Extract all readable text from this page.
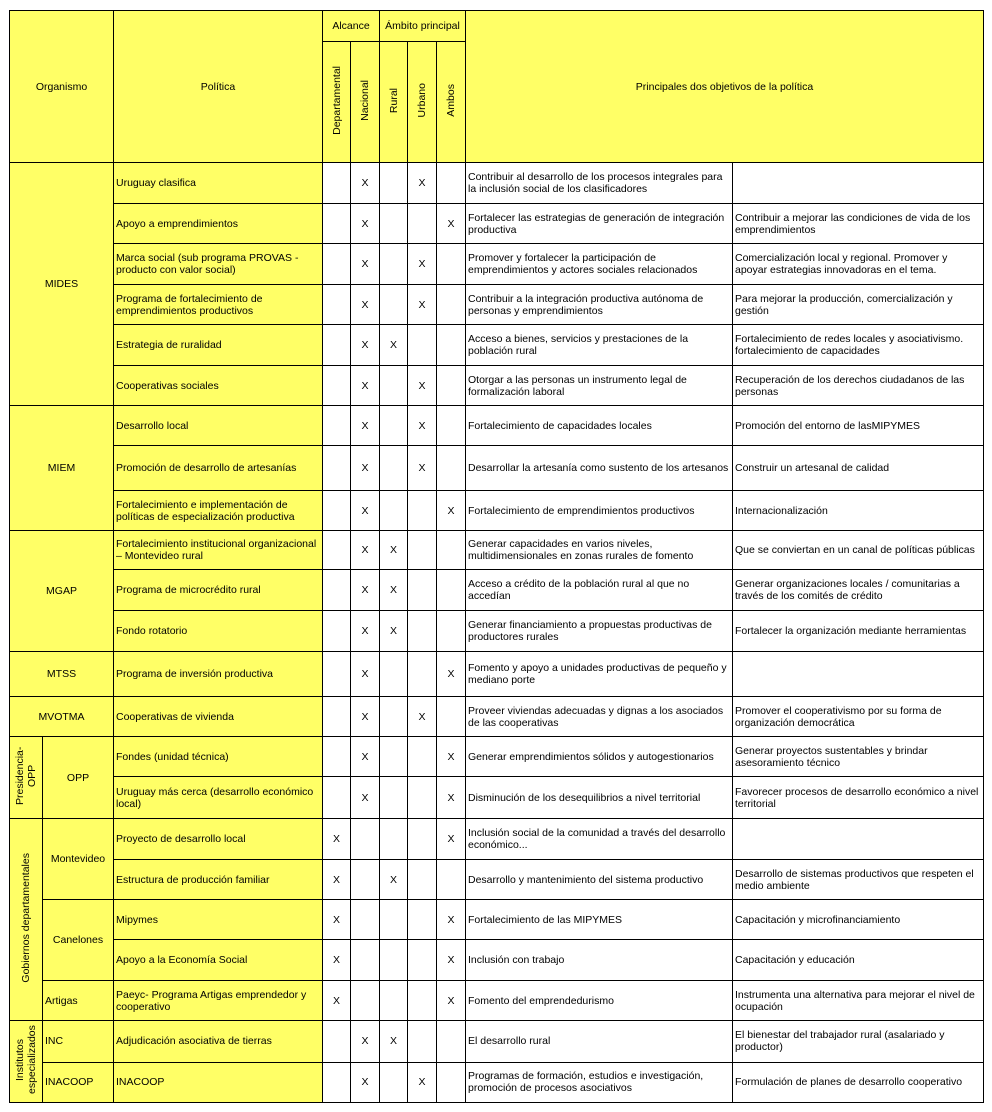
Organismo		Política	Alcance		Ámbito principal			Principales dos objetivos de la política	
			Departamental	Nacional	Rural	Urbano	Ambos		
MIDES		Uruguay clasifica		X		X		Contribuir al desarrollo de los procesos integrales para la inclusión social de los clasificadores	
		Apoyo a emprendimientos		X			X	Fortalecer las estrategias de generación de integración productiva	Contribuir a mejorar las condiciones de vida de los emprendimientos
		Marca social (sub programa PROVAS - producto con valor social)		X		X		Promover y fortalecer la participación de emprendimientos y actores sociales relacionados	Comercialización local y regional. Promover y apoyar estrategias innovadoras en el tema.
		Programa de fortalecimiento de emprendimientos productivos		X		X		Contribuir a la integración productiva autónoma de personas y emprendimientos	Para mejorar la producción, comercialización y gestión
		Estrategia de ruralidad		X	X			Acceso a bienes, servicios y prestaciones de la población rural	Fortalecimiento de redes locales y asociativismo. fortalecimiento de capacidades
		Cooperativas sociales		X		X		Otorgar a las personas un instrumento legal de formalización laboral	Recuperación de los derechos ciudadanos de las personas
MIEM		Desarrollo local		X		X		Fortalecimiento de capacidades locales	Promoción del entorno de lasMIPYMES
		Promoción de desarrollo de artesanías		X		X		Desarrollar la artesanía como sustento de los artesanos	Construir un artesanal de calidad
		Fortalecimiento e implementación de políticas de especialización productiva		X			X	Fortalecimiento de emprendimientos productivos	Internacionalización
MGAP		Fortalecimiento institucional organizacional – Montevideo rural		X	X			Generar capacidades en varios niveles, multidimensionales en zonas rurales de fomento	Que se conviertan en un canal de políticas públicas
		Programa de microcrédito rural		X	X			Acceso a crédito de la población rural al que no accedían	Generar organizaciones locales / comunitarias a través de los comités de crédito
		Fondo rotatorio		X	X			Generar financiamiento a propuestas productivas de productores rurales	Fortalecer la organización mediante herramientas
MTSS		Programa de inversión productiva		X			X	Fomento y apoyo a unidades productivas de pequeño y mediano porte	
MVOTMA		Cooperativas de vivienda		X		X		Proveer viviendas adecuadas y dignas a los asociados de las cooperativas	Promover el cooperativismo por su forma de organización democrática
Presidencia-OPP	OPP	Fondes (unidad técnica)		X			X	Generar emprendimientos sólidos y autogestionarios	Generar proyectos sustentables y brindar asesoramiento técnico
		Uruguay más cerca (desarrollo económico local)		X			X	Disminución de los desequilibrios a nivel territorial	Favorecer procesos de desarrollo económico a nivel territorial
Gobiernos departamentales	Montevideo	Proyecto de desarrollo local	X				X	Inclusión social de la comunidad a través del desarrollo económico...	
		Estructura de producción familiar	X		X			Desarrollo y mantenimiento del sistema productivo	Desarrollo de sistemas productivos que respeten el medio ambiente
	Canelones	Mipymes	X				X	Fortalecimiento de las MIPYMES	Capacitación y microfinanciamiento
		Apoyo a la Economía Social	X				X	Inclusión con trabajo	Capacitación y educación
	Artigas	Paeyc- Programa Artigas emprendedor y cooperativo	X				X	Fomento del emprendedurismo	Instrumenta una alternativa para mejorar el nivel de ocupación
Institutos especializados	INC	Adjudicación asociativa de tierras		X	X			El desarrollo rural	El bienestar del trabajador rural (asalariado y productor)
	INACOOP	INACOOP		X		X		Programas de formación, estudios e investigación, promoción de procesos asociativos	Formulación de planes de desarrollo cooperativo
